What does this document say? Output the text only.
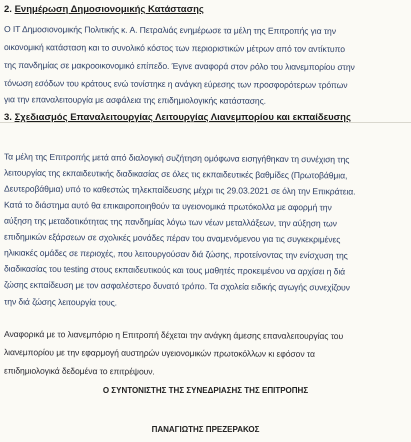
2. Ενημέρωση Δημοσιονομικής Κατάστασης
Ο ΙΤ Δημοσιονομικής Πολιτικής κ. Α. Πετραλιάς ενημέρωσε τα μέλη της Επιτροπής για την
οικονομική κατάσταση και το συνολικό κόστος των περιοριστικών μέτρων από τον αντίκτυπο
της πανδημίας σε μακροοικονομικό επίπεδο. Έγινε αναφορά στον ρόλο του λιανεμπορίου στην
τόνωση εσόδων του κράτους ενώ τονίστηκε η ανάγκη εύρεσης των προσφορότερων τρόπων
για την επαναλειτουργία με ασφάλεια της επιδημιολογικής κατάστασης.
3. Σχεδιασμός Επαναλειτουργίας Λειτουργίας Λιανεμπορίου και εκπαίδευσης
Τα μέλη της Επιτροπής μετά από διαλογική συζήτηση ομόφωνα εισηγήθηκαν τη συνέχιση της
λειτουργίας της εκπαιδευτικής διαδικασίας σε όλες τις εκπαιδευτικές βαθμίδες (Πρωτοβάθμια,
Δευτεροβάθμια) υπό το καθεστώς τηλεκπαίδευσης μέχρι τις 29.03.2021 σε όλη την Επικράτεια.
Κατά το διάστημα αυτό θα επικαιροποιηθούν τα υγειονομικά πρωτόκολλα με αφορμή την
αύξηση της μεταδοτικότητας της πανδημίας λόγω των νέων μεταλλάξεων, την αύξηση των
επιδημικών εξάρσεων σε σχολικές μονάδες πέραν του αναμενόμενου για τις συγκεκριμένες
ηλικιακές ομάδες σε περιοχές, που λειτουργούσαν διά ζώσης, προτείνοντας την ενίσχυση της
διαδικασίας του testing στους εκπαιδευτικούς και τους μαθητές προκειμένου να αρχίσει η διά
ζώσης εκπαίδευση με τον ασφαλέστερο δυνατό τρόπο. Τα σχολεία ειδικής αγωγής συνεχίζουν
την διά ζώσης λειτουργία τους.
Αναφορικά με το λιανεμπόριο η Επιτροπή δέχεται την ανάγκη άμεσης επαναλειτουργίας του
λιανεμπορίου με την εφαρμογή αυστηρών υγειονομικών πρωτοκόλλων κι εφόσον τα
επιδημιολογικά δεδομένα το επιτρέψουν.
Ο ΣΥΝΤΟΝΙΣΤΗΣ ΤΗΣ ΣΥΝΕΔΡΙΑΣΗΣ ΤΗΣ ΕΠΙΤΡΟΠΗΣ
ΠΑΝΑΓΙΩΤΗΣ ΠΡΕΖΕΡΑΚΟΣ
